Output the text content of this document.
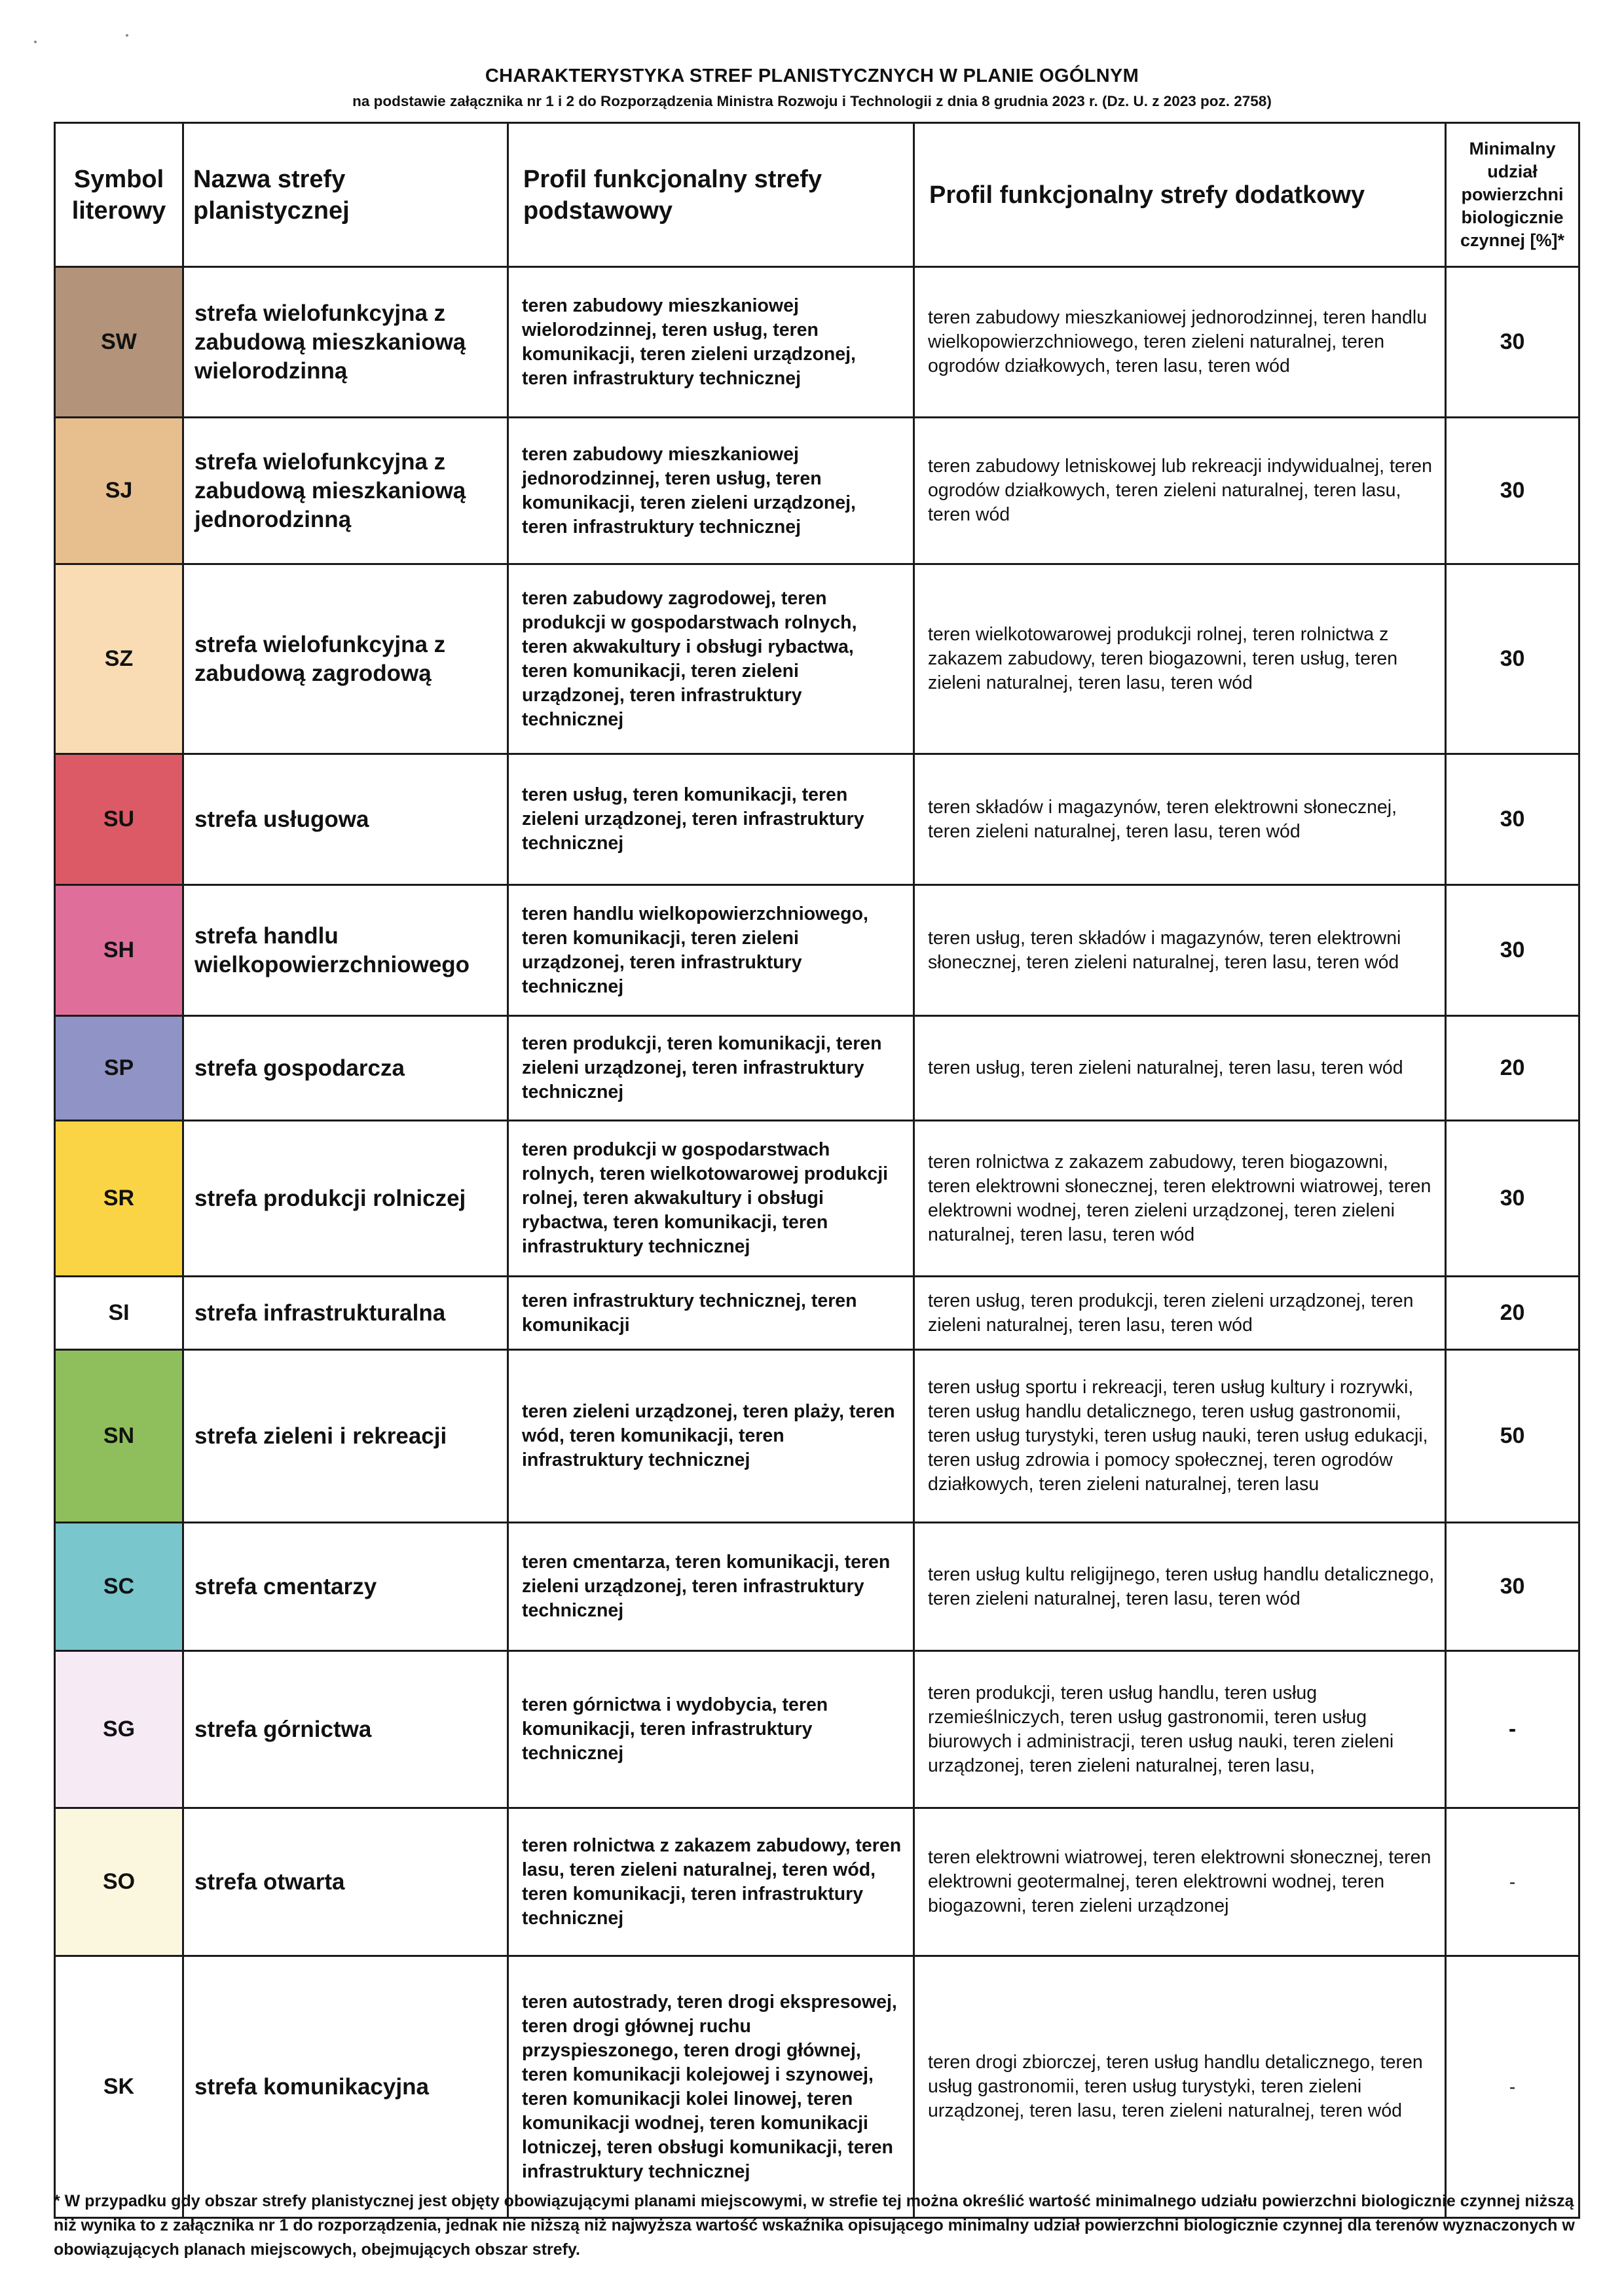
CHARAKTERYSTYKA STREF PLANISTYCZNYCH W PLANIE OGÓLNYM
na podstawie załącznika nr 1 i 2 do Rozporządzenia Ministra Rozwoju i Technologii z dnia 8 grudnia 2023 r. (Dz. U. z 2023 poz. 2758)
Symbol literowy	Nazwa strefy planistycznej	Profil funkcjonalny strefy podstawowy	Profil funkcjonalny strefy dodatkowy	Minimalny udział powierzchni biologicznie czynnej [%]*
SW	strefa wielofunkcyjna z zabudową mieszkaniową wielorodzinną	teren zabudowy mieszkaniowej wielorodzinnej, teren usług, teren komunikacji, teren zieleni urządzonej, teren infrastruktury technicznej	teren zabudowy mieszkaniowej jednorodzinnej, teren handlu wielkopowierzchniowego, teren zieleni naturalnej, teren ogrodów działkowych, teren lasu, teren wód	30
SJ	strefa wielofunkcyjna z zabudową mieszkaniową jednorodzinną	teren zabudowy mieszkaniowej jednorodzinnej, teren usług, teren komunikacji, teren zieleni urządzonej, teren infrastruktury technicznej	teren zabudowy letniskowej lub rekreacji indywidualnej, teren ogrodów działkowych, teren zieleni naturalnej, teren lasu, teren wód	30
SZ	strefa wielofunkcyjna z zabudową zagrodową	teren zabudowy zagrodowej, teren produkcji w gospodarstwach rolnych, teren akwakultury i obsługi rybactwa, teren komunikacji, teren zieleni urządzonej, teren infrastruktury technicznej	teren wielkotowarowej produkcji rolnej, teren rolnictwa z zakazem zabudowy, teren biogazowni, teren usług, teren zieleni naturalnej, teren lasu, teren wód	30
SU	strefa usługowa	teren usług, teren komunikacji, teren zieleni urządzonej, teren infrastruktury technicznej	teren składów i magazynów, teren elektrowni słonecznej, teren zieleni naturalnej, teren lasu, teren wód	30
SH	strefa handlu wielkopowierzchniowego	teren handlu wielkopowierzchniowego, teren komunikacji, teren zieleni urządzonej, teren infrastruktury technicznej	teren usług, teren składów i magazynów, teren elektrowni słonecznej, teren zieleni naturalnej, teren lasu, teren wód	30
SP	strefa gospodarcza	teren produkcji, teren komunikacji, teren zieleni urządzonej, teren infrastruktury technicznej	teren usług, teren zieleni naturalnej, teren lasu, teren wód	20
SR	strefa produkcji rolniczej	teren produkcji w gospodarstwach rolnych, teren wielkotowarowej produkcji rolnej, teren akwakultury i obsługi rybactwa, teren komunikacji, teren infrastruktury technicznej	teren rolnictwa z zakazem zabudowy, teren biogazowni, teren elektrowni słonecznej, teren elektrowni wiatrowej, teren elektrowni wodnej, teren zieleni urządzonej, teren zieleni naturalnej, teren lasu, teren wód	30
SI	strefa infrastrukturalna	teren infrastruktury technicznej, teren komunikacji	teren usług, teren produkcji, teren zieleni urządzonej, teren zieleni naturalnej, teren lasu, teren wód	20
SN	strefa zieleni i rekreacji	teren zieleni urządzonej, teren plaży, teren wód, teren komunikacji, teren infrastruktury technicznej	teren usług sportu i rekreacji, teren usług kultury i rozrywki, teren usług handlu detalicznego, teren usług gastronomii, teren usług turystyki, teren usług nauki, teren usług edukacji, teren usług zdrowia i pomocy społecznej, teren ogrodów działkowych, teren zieleni naturalnej, teren lasu	50
SC	strefa cmentarzy	teren cmentarza, teren komunikacji, teren zieleni urządzonej, teren infrastruktury technicznej	teren usług kultu religijnego, teren usług handlu detalicznego, teren zieleni naturalnej, teren lasu, teren wód	30
SG	strefa górnictwa	teren górnictwa i wydobycia, teren komunikacji, teren infrastruktury technicznej	teren produkcji, teren usług handlu, teren usług rzemieślniczych, teren usług gastronomii, teren usług biurowych i administracji, teren usług nauki, teren zieleni urządzonej, teren zieleni naturalnej, teren lasu,	-
SO	strefa otwarta	teren rolnictwa z zakazem zabudowy, teren lasu, teren zieleni naturalnej, teren wód, teren komunikacji, teren infrastruktury technicznej	teren elektrowni wiatrowej, teren elektrowni słonecznej, teren elektrowni geotermalnej, teren elektrowni wodnej, teren biogazowni, teren zieleni urządzonej	-
SK	strefa komunikacyjna	teren autostrady, teren drogi ekspresowej, teren drogi głównej ruchu przyspieszonego, teren drogi głównej, teren komunikacji kolejowej i szynowej, teren komunikacji kolei linowej, teren komunikacji wodnej, teren komunikacji lotniczej, teren obsługi komunikacji, teren infrastruktury technicznej	teren drogi zbiorczej, teren usług handlu detalicznego, teren usług gastronomii, teren usług turystyki, teren zieleni urządzonej, teren lasu, teren zieleni naturalnej, teren wód	-
* W przypadku gdy obszar strefy planistycznej jest objęty obowiązującymi planami miejscowymi, w strefie tej można określić wartość minimalnego udziału powierzchni biologicznie czynnej niższą niż wynika to z załącznika nr 1 do rozporządzenia, jednak nie niższą niż najwyższa wartość wskaźnika opisującego minimalny udział powierzchni biologicznie czynnej dla terenów wyznaczonych w obowiązujących planach miejscowych, obejmujących obszar strefy.
